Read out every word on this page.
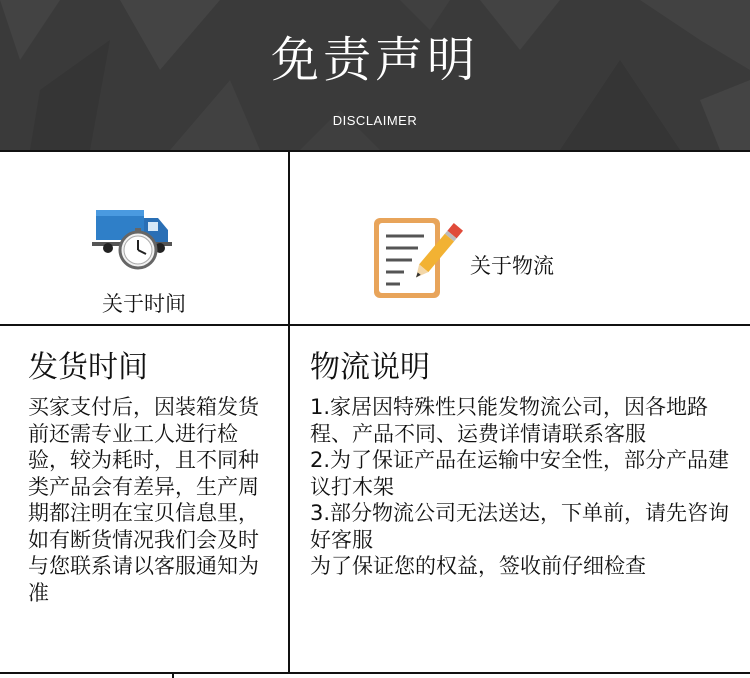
免责声明
DISCLAIMER
关于时间
关于物流
发货时间
买家支付后，因装箱发货前还需专业工人进行检验，较为耗时，且不同种类产品会有差异，生产周期都注明在宝贝信息里，如有断货情况我们会及时与您联系请以客服通知为准
物流说明
1.家居因特殊性只能发物流公司，因各地路程、产品不同、运费详情请联系客服
2.为了保证产品在运输中安全性，部分产品建议打木架
3.部分物流公司无法送达，下单前，请先咨询好客服
为了保证您的权益，签收前仔细检查
